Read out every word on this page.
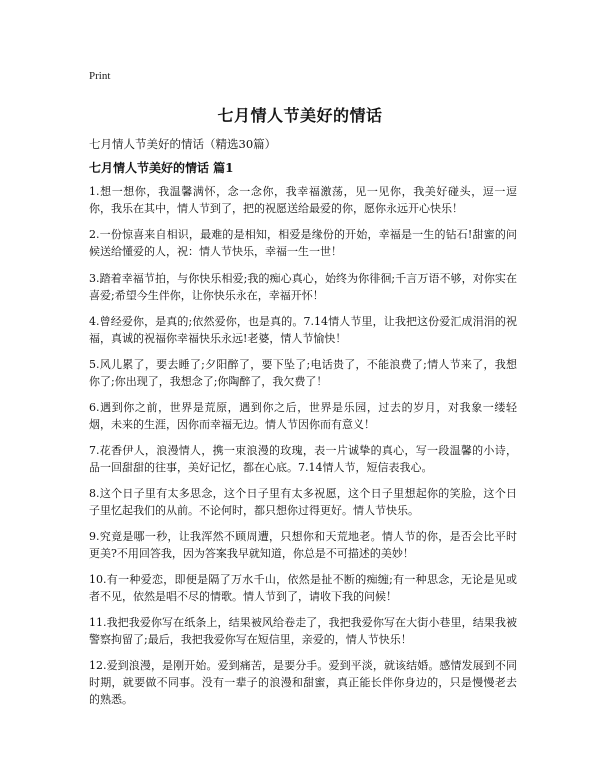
Print
七月情人节美好的情话
七月情人节美好的情话（精选30篇）
七月情人节美好的情话 篇1

1.想一想你，我温馨满怀，念一念你，我幸福激荡，见一见你，我美好碰头，逗一逗你，我乐在其中，情人节到了，把的祝愿送给最爱的你，愿你永远开心快乐！

2.一份惊喜来自相识，最难的是相知，相爱是缘份的开始，幸福是一生的钻石!甜蜜的问候送给懂爱的人，祝：情人节快乐，幸福一生一世！

3.踏着幸福节拍，与你快乐相爱;我的痴心真心，始终为你徘徊;千言万语不够，对你实在喜爱;希望今生伴你，让你快乐永在，幸福开怀！

4.曾经爱你，是真的;依然爱你，也是真的。7.14情人节里，让我把这份爱汇成涓涓的祝福，真诚的祝福你幸福快乐永远!老婆，情人节愉快！

5.风儿累了，要去睡了;夕阳醉了，要下坠了;电话贵了，不能浪费了;情人节来了，我想你了;你出现了，我想念了;你陶醉了，我欠费了！

6.遇到你之前，世界是荒原，遇到你之后，世界是乐园，过去的岁月，对我象一缕轻烟，未来的生涯，因你而幸福无边。情人节因你而有意义！

7.花香伊人，浪漫情人，携一束浪漫的玫瑰，表一片诚挚的真心，写一段温馨的小诗，品一回甜甜的往事，美好记忆，都在心底。7.14情人节，短信表我心。

8.这个日子里有太多思念，这个日子里有太多祝愿，这个日子里想起你的笑脸，这个日子里忆起我们的从前。不论何时，都只想你过得更好。情人节快乐。

9.究竟是哪一秒，让我浑然不顾周遭，只想你和天荒地老。情人节的你，是否会比平时更美?不用回答我，因为答案我早就知道，你总是不可描述的美妙！

10.有一种爱恋，即便是隔了万水千山，依然是扯不断的痴缠;有一种思念，无论是见或者不见，依然是唱不尽的情歌。情人节到了，请收下我的问候！

11.我把我爱你写在纸条上，结果被风给卷走了，我把我爱你写在大街小巷里，结果我被警察拘留了;最后，我把我爱你写在短信里，亲爱的，情人节快乐！

12.爱到浪漫，是刚开始。爱到痛苦，是要分手。爱到平淡，就该结婚。感情发展到不同时期，就要做不同事。没有一辈子的浪漫和甜蜜，真正能长伴你身边的，只是慢慢老去的熟悉。
